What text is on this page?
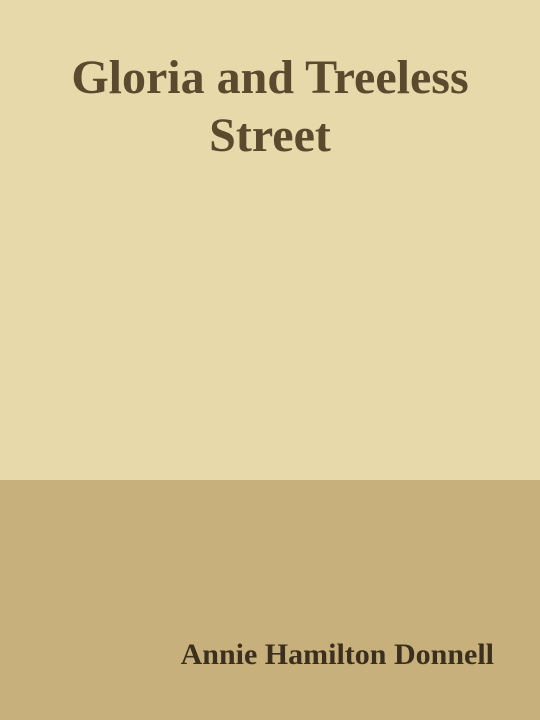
Gloria and Treeless Street

Annie Hamilton Donnell
